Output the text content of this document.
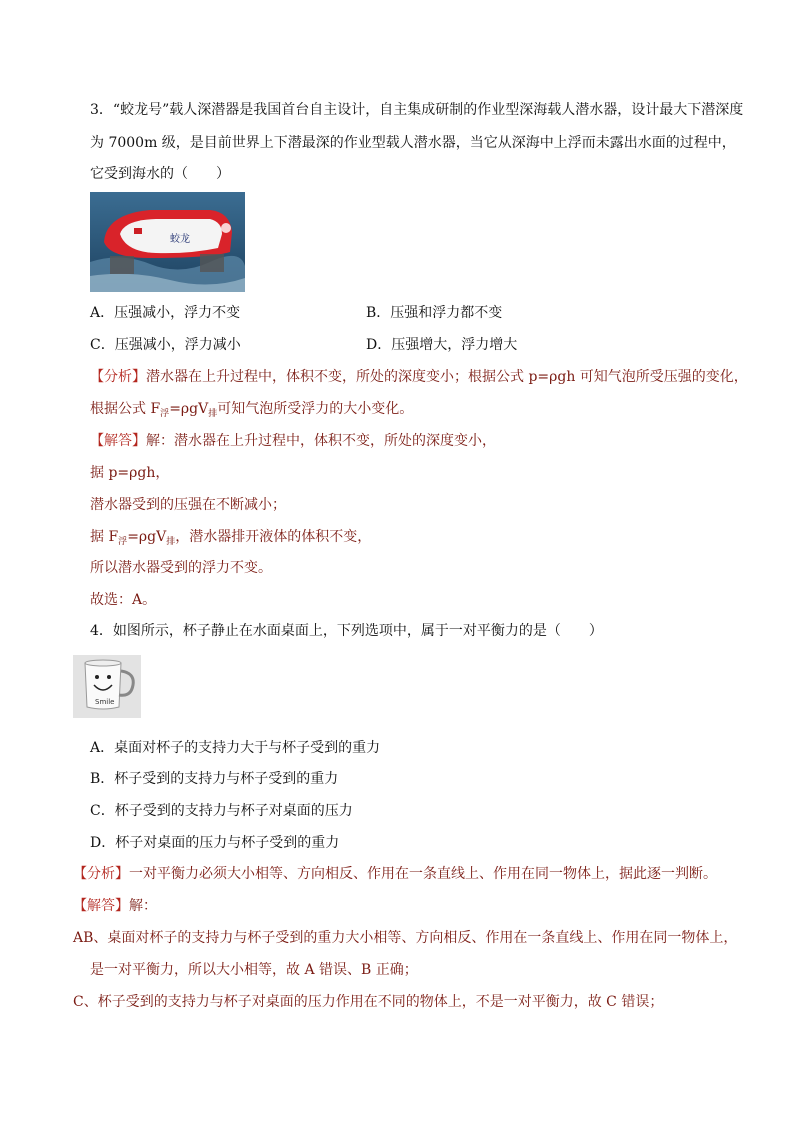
3．“蛟龙号”载人深潜器是我国首台自主设计，自主集成研制的作业型深海载人潜水器，设计最大下潜深度
为 7000m 级，是目前世界上下潜最深的作业型载人潜水器，当它从深海中上浮而未露出水面的过程中，
它受到海水的（　　）
蛟龙
A．压强减小，浮力不变	B．压强和浮力都不变
C．压强减小，浮力减小	D．压强增大，浮力增大
【分析】潜水器在上升过程中，体积不变，所处的深度变小；根据公式 p=ρgh 可知气泡所受压强的变化，
根据公式 $F_浮=\rho gV_排$可知气泡所受浮力的大小变化。
【解答】解：潜水器在上升过程中，体积不变，所处的深度变小，
据 p=ρgh，
潜水器受到的压强在不断减小；
据 $F_浮=\rho gV_排$，潜水器排开液体的体积不变，
所以潜水器受到的浮力不变。
故选：A。
4．如图所示，杯子静止在水面桌面上，下列选项中，属于一对平衡力的是（　　）
Smile
A．桌面对杯子的支持力大于与杯子受到的重力
B．杯子受到的支持力与杯子受到的重力
C．杯子受到的支持力与杯子对桌面的压力
D．杯子对桌面的压力与杯子受到的重力
【分析】一对平衡力必须大小相等、方向相反、作用在一条直线上、作用在同一物体上，据此逐一判断。
【解答】解：
AB、桌面对杯子的支持力与杯子受到的重力大小相等、方向相反、作用在一条直线上、作用在同一物体上，
是一对平衡力，所以大小相等，故 A 错误、B 正确；
C、杯子受到的支持力与杯子对桌面的压力作用在不同的物体上，不是一对平衡力，故 C 错误；
